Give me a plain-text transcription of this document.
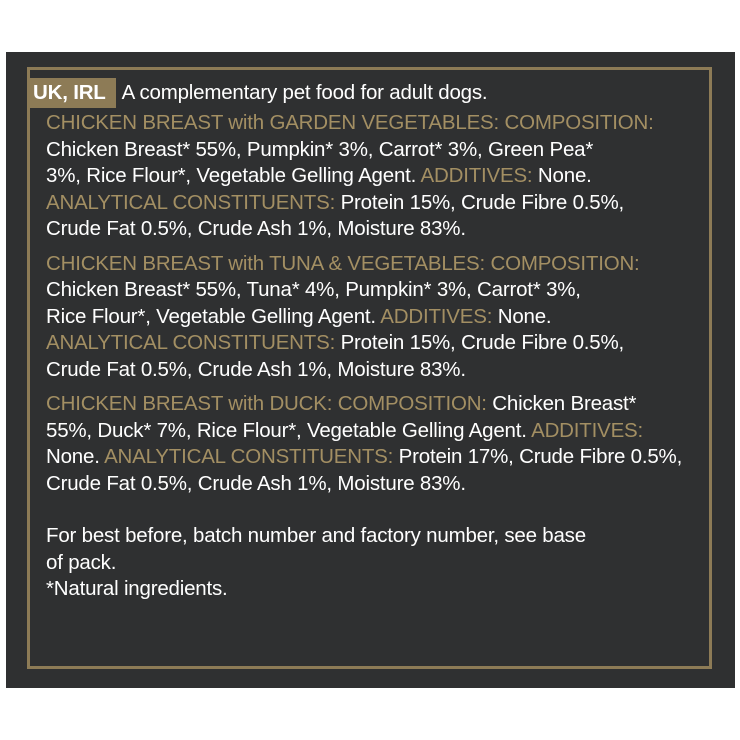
UK, IRL A complementary pet food for adult dogs.
CHICKEN BREAST with GARDEN VEGETABLES: COMPOSITION:
Chicken Breast* 55%, Pumpkin* 3%, Carrot* 3%, Green Pea*
3%, Rice Flour*, Vegetable Gelling Agent. ADDITIVES: None.
ANALYTICAL CONSTITUENTS: Protein 15%, Crude Fibre 0.5%,
Crude Fat 0.5%, Crude Ash 1%, Moisture 83%.
CHICKEN BREAST with TUNA & VEGETABLES: COMPOSITION:
Chicken Breast* 55%, Tuna* 4%, Pumpkin* 3%, Carrot* 3%,
Rice Flour*, Vegetable Gelling Agent. ADDITIVES: None.
ANALYTICAL CONSTITUENTS: Protein 15%, Crude Fibre 0.5%,
Crude Fat 0.5%, Crude Ash 1%, Moisture 83%.
CHICKEN BREAST with DUCK: COMPOSITION: Chicken Breast*
55%, Duck* 7%, Rice Flour*, Vegetable Gelling Agent. ADDITIVES:
None. ANALYTICAL CONSTITUENTS: Protein 17%, Crude Fibre 0.5%,
Crude Fat 0.5%, Crude Ash 1%, Moisture 83%.
For best before, batch number and factory number, see base
of pack.
*Natural ingredients.
